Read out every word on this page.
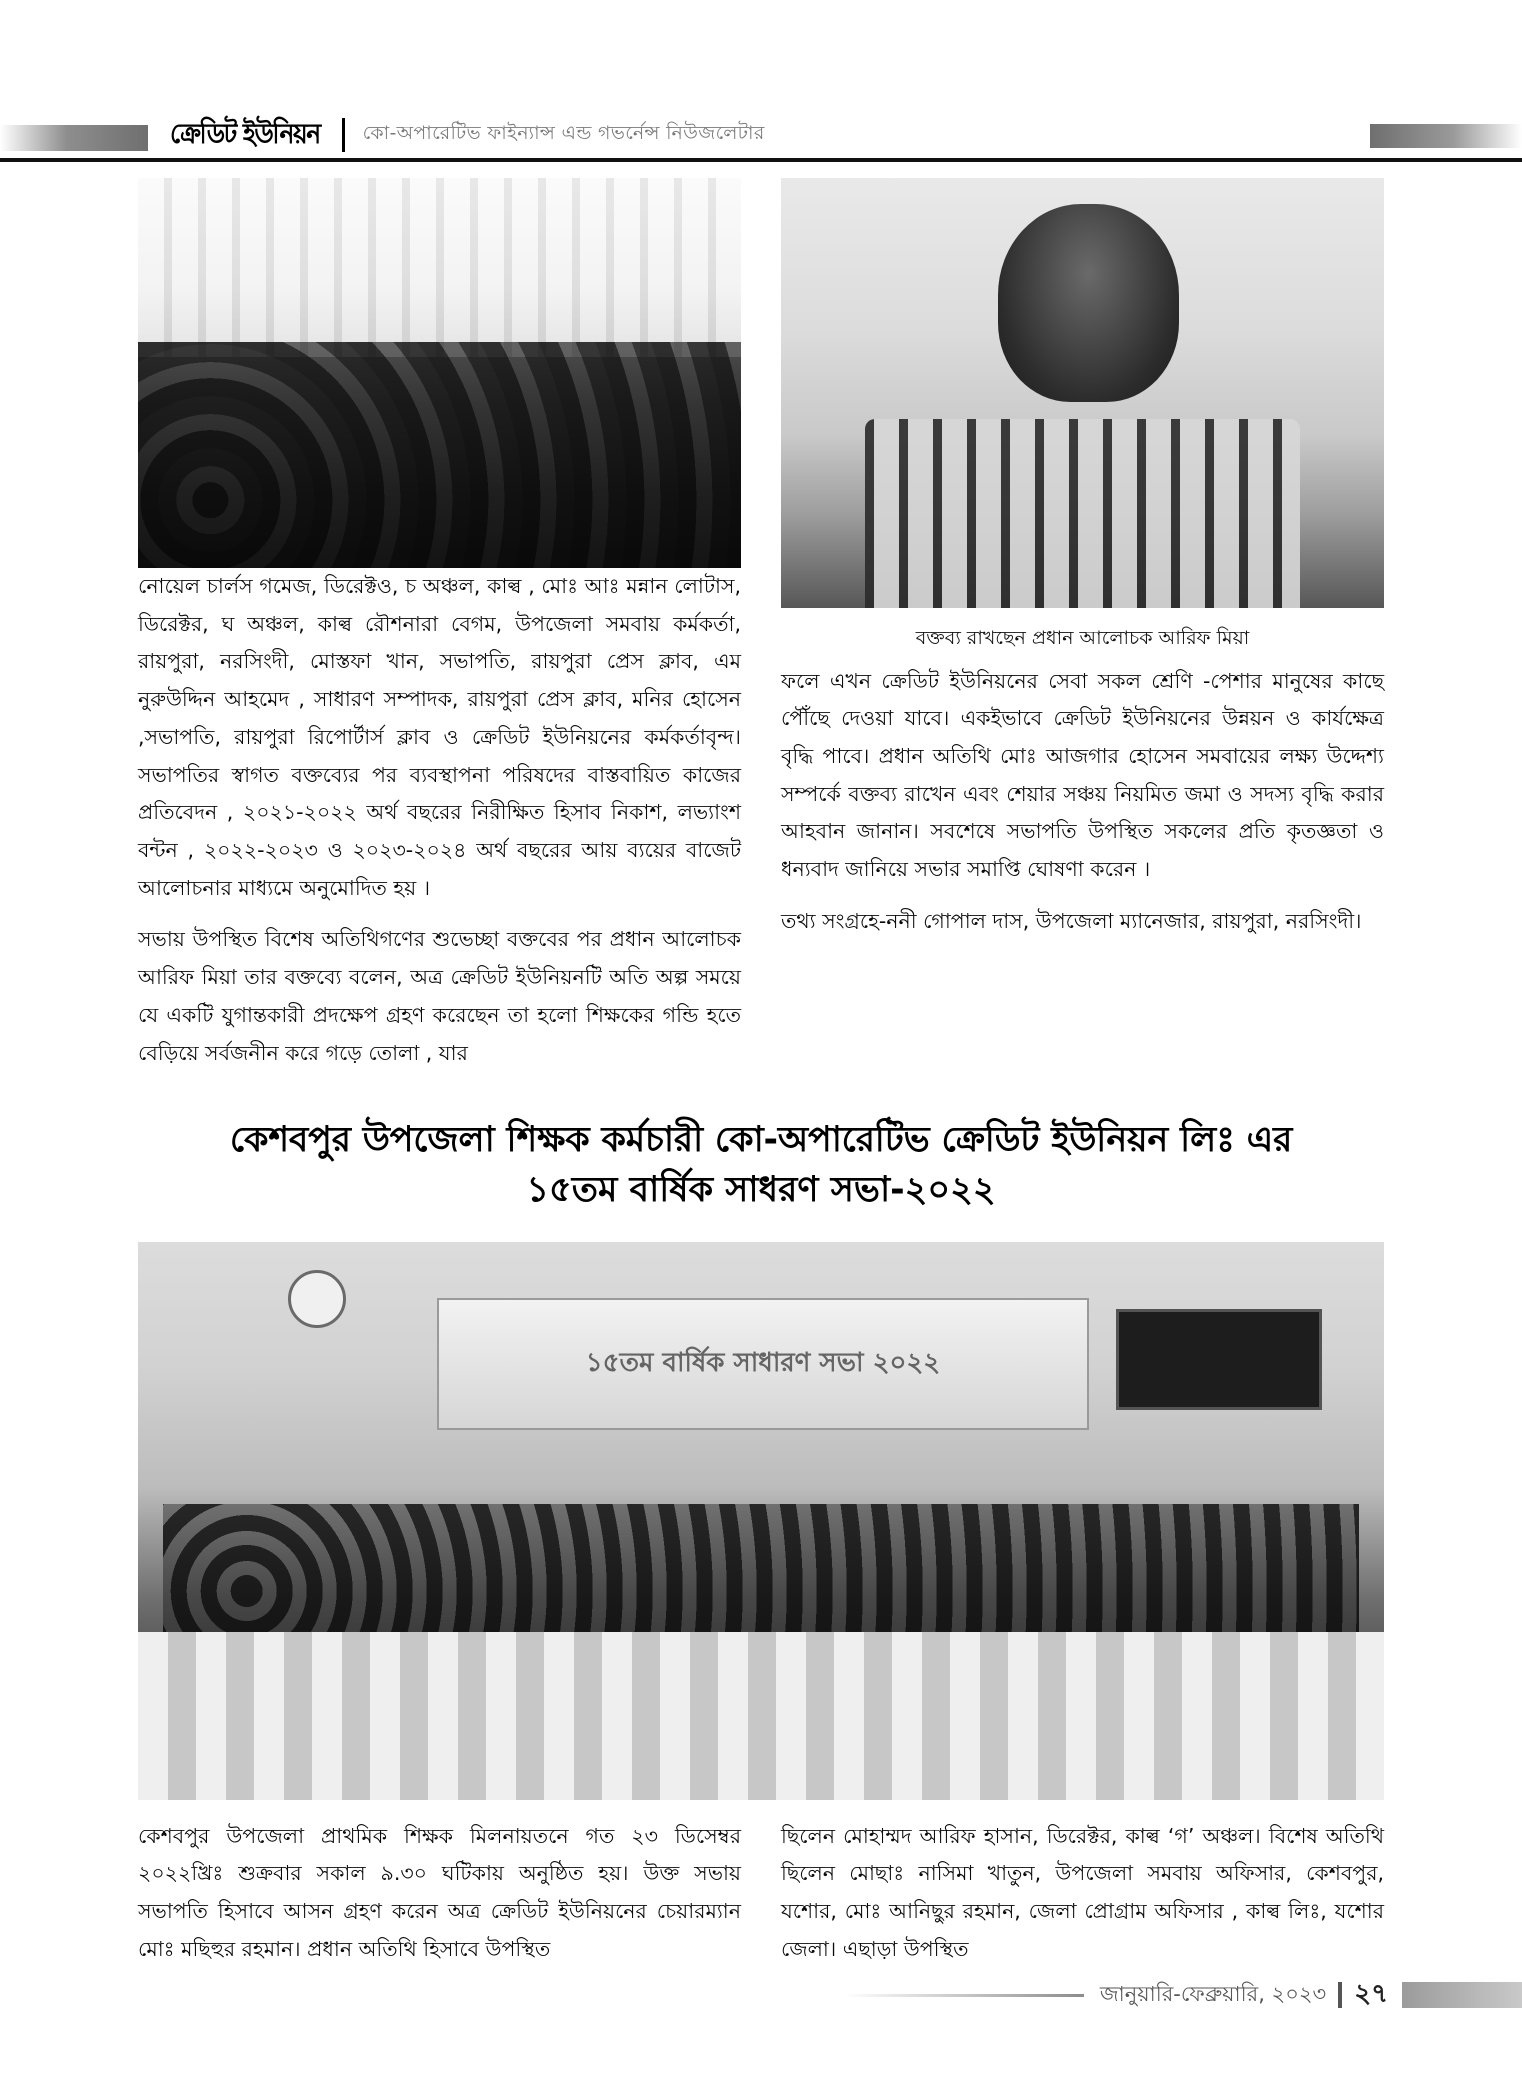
ক্রেডিট ইউনিয়ন কো-অপারেটিভ ফাইন্যান্স এন্ড গভর্নেন্স নিউজলেটার

নোয়েল চার্লস গমেজ, ডিরেক্টও, চ অঞ্চল, কাল্ব , মোঃ আঃ মন্নান লোটাস, ডিরেক্টর, ঘ অঞ্চল, কাল্ব রৌশনারা বেগম, উপজেলা সমবায় কর্মকর্তা, রায়পুরা, নরসিংদী, মোস্তফা খান, সভাপতি, রায়পুরা প্রেস ক্লাব, এম নুরুউদ্দিন আহমেদ , সাধারণ সম্পাদক, রায়পুরা প্রেস ক্লাব, মনির হোসেন ,সভাপতি, রায়পুরা রিপোর্টার্স ক্লাব ও ক্রেডিট ইউনিয়নের কর্মকর্তাবৃন্দ। সভাপতির স্বাগত বক্তব্যের পর ব্যবস্থাপনা পরিষদের বাস্তবায়িত কাজের প্রতিবেদন , ২০২১-২০২২ অর্থ বছরের নিরীক্ষিত হিসাব নিকাশ, লভ্যাংশ বন্টন , ২০২২-২০২৩ ও ২০২৩-২০২৪ অর্থ বছরের আয় ব্যয়ের বাজেট আলোচনার মাধ্যমে অনুমোদিত হয় ।

সভায় উপস্থিত বিশেষ অতিথিগণের শুভেচ্ছা বক্তবের পর প্রধান আলোচক আরিফ মিয়া তার বক্তব্যে বলেন, অত্র ক্রেডিট ইউনিয়নটি অতি অল্প সময়ে যে একটি যুগান্তকারী প্রদক্ষেপ গ্রহণ করেছেন তা হলো শিক্ষকের গন্ডি হতে বেড়িয়ে সর্বজনীন করে গড়ে তোলা , যার

বক্তব্য রাখছেন প্রধান আলোচক আরিফ মিয়া

ফলে এখন ক্রেডিট ইউনিয়নের সেবা সকল শ্রেণি -পেশার মানুষের কাছে পৌঁছে দেওয়া যাবে। একইভাবে ক্রেডিট ইউনিয়নের উন্নয়ন ও কার্যক্ষেত্র বৃদ্ধি পাবে। প্রধান অতিথি মোঃ আজগার হোসেন সমবায়ের লক্ষ্য উদ্দেশ্য সম্পর্কে বক্তব্য রাখেন এবং শেয়ার সঞ্চয় নিয়মিত জমা ও সদস্য বৃদ্ধি করার আহবান জানান। সবশেষে সভাপতি উপস্থিত সকলের প্রতি কৃতজ্ঞতা ও ধন্যবাদ জানিয়ে সভার সমাপ্তি ঘোষণা করেন ।

তথ্য সংগ্রহে-ননী গোপাল দাস, উপজেলা ম্যানেজার, রায়পুরা, নরসিংদী।

কেশবপুর উপজেলা শিক্ষক কর্মচারী কো-অপারেটিভ ক্রেডিট ইউনিয়ন লিঃ এর
১৫তম বার্ষিক সাধরণ সভা-২০২২
১৫তম বার্ষিক সাধারণ সভা ২০২২

কেশবপুর উপজেলা প্রাথমিক শিক্ষক মিলনায়তনে গত ২৩ ডিসেম্বর ২০২২খ্রিঃ শুক্রবার সকাল ৯.৩০ ঘটিকায় অনুষ্ঠিত হয়। উক্ত সভায় সভাপতি হিসাবে আসন গ্রহণ করেন অত্র ক্রেডিট ইউনিয়নের চেয়ারম্যান মোঃ মছিহুর রহমান। প্রধান অতিথি হিসাবে উপস্থিত

ছিলেন মোহাম্মদ আরিফ হাসান, ডিরেক্টর, কাল্ব ‘গ’ অঞ্চল। বিশেষ অতিথি ছিলেন মোছাঃ নাসিমা খাতুন, উপজেলা সমবায় অফিসার, কেশবপুর, যশোর, মোঃ আনিছুর রহমান, জেলা প্রোগ্রাম অফিসার , কাল্ব লিঃ, যশোর জেলা। এছাড়া উপস্থিত

জানুয়ারি-ফেব্রুয়ারি, ২০২৩ ২৭
